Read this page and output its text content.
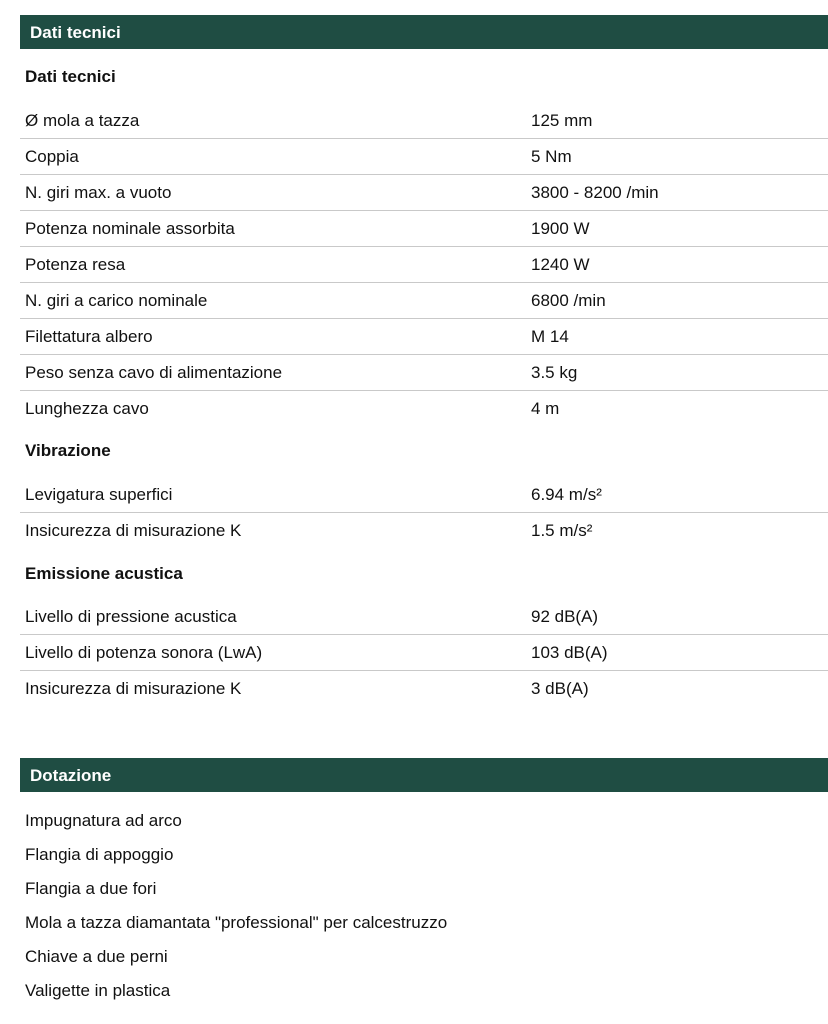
Dati tecnici
Dati tecnici
Ø mola a tazza	125 mm
Coppia	5 Nm
N. giri max. a vuoto	3800 - 8200 /min
Potenza nominale assorbita	1900 W
Potenza resa	1240 W
N. giri a carico nominale	6800 /min
Filettatura albero	M 14
Peso senza cavo di alimentazione	3.5 kg
Lunghezza cavo	4 m
Vibrazione
Levigatura superfici	6.94 m/s²
Insicurezza di misurazione K	1.5 m/s²
Emissione acustica
Livello di pressione acustica	92 dB(A)
Livello di potenza sonora (LwA)	103 dB(A)
Insicurezza di misurazione K	3 dB(A)
Dotazione
Impugnatura ad arco
Flangia di appoggio
Flangia a due fori
Mola a tazza diamantata "professional" per calcestruzzo
Chiave a due perni
Valigette in plastica
